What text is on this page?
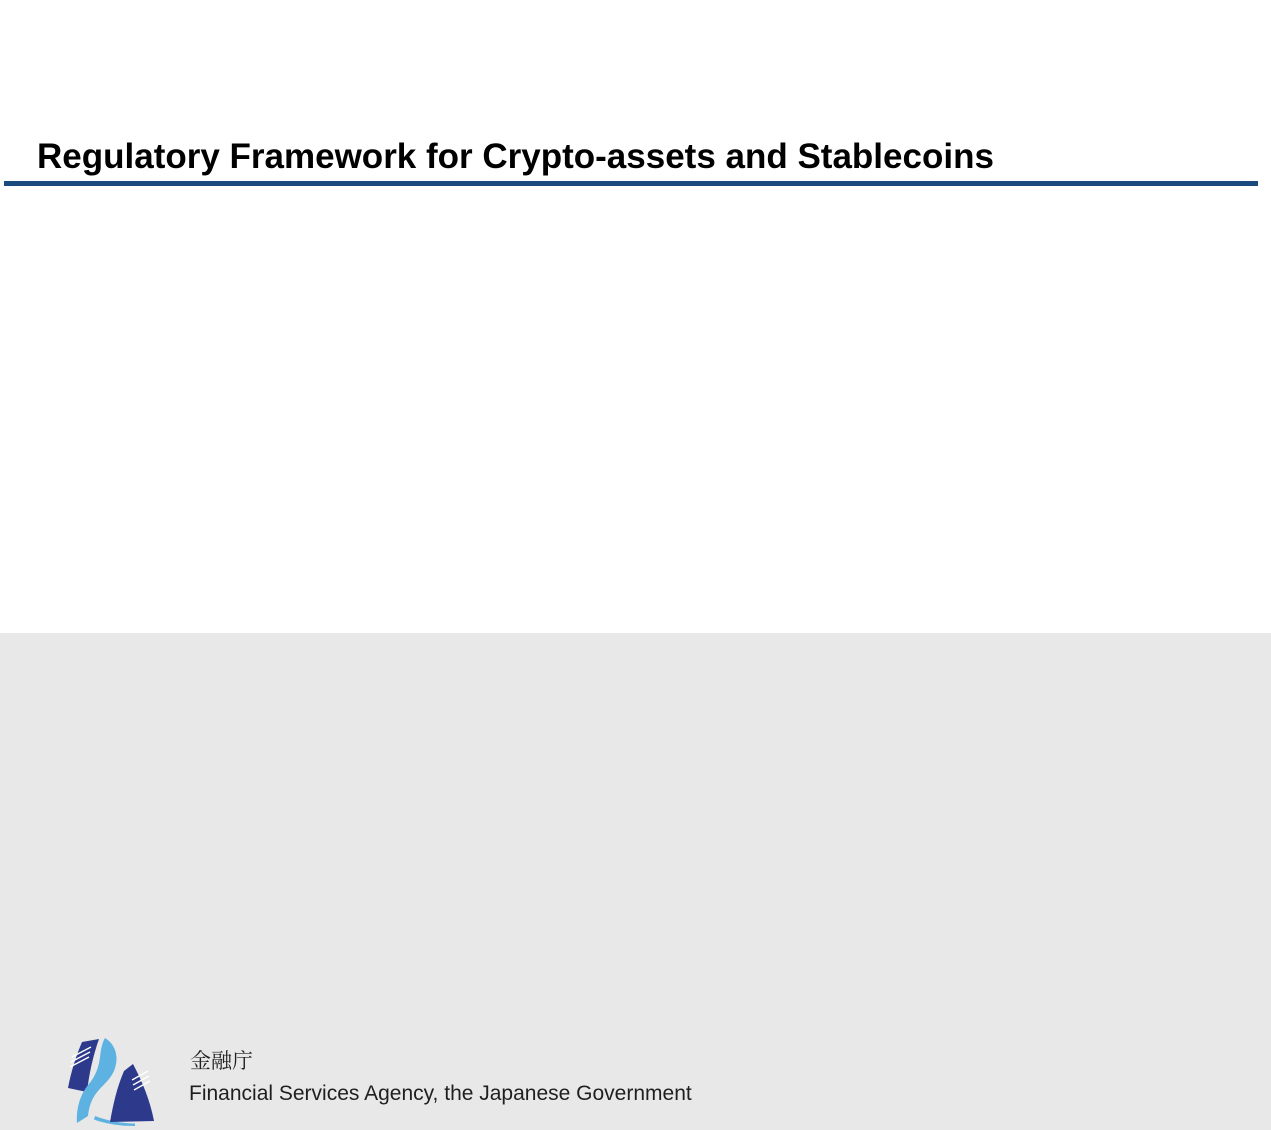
Regulatory Framework for Crypto-assets and Stablecoins
金融庁
Financial Services Agency, the Japanese Government
